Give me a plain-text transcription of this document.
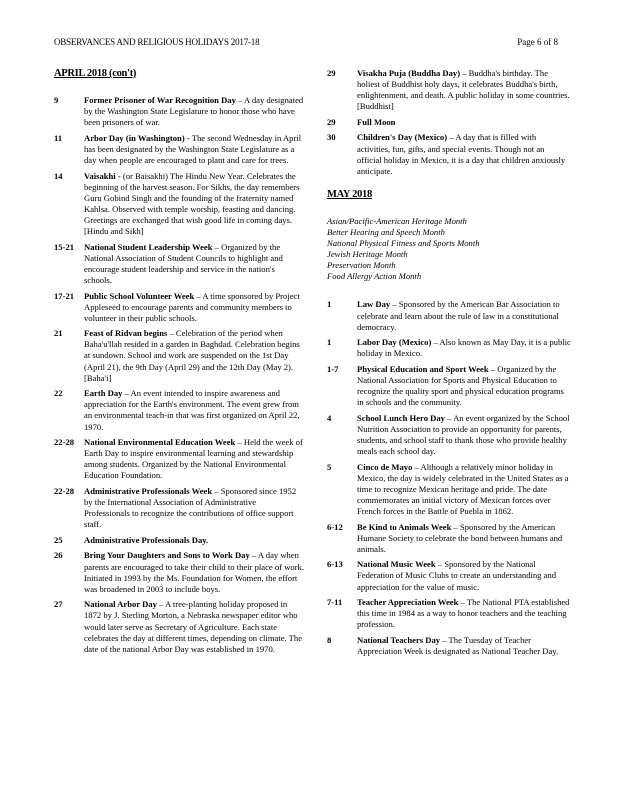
OBSERVANCES AND RELIGIOUS HOLIDAYS 2017-18	Page 6 of 8
APRIL 2018 (con't)
9	Former Prisoner of War Recognition Day – A day designated by the Washington State Legislature to honor those who have been prisoners of war.
11	Arbor Day (in Washington) - The second Wednesday in April has been designated by the Washington State Legislature as a day when people are encouraged to plant and care for trees.
14	Vaisakhi - (or Baisakhi) The Hindu New Year. Celebrates the beginning of the harvest season. For Sikhs, the day remembers Guru Gobind Singh and the founding of the fraternity named Kahlsa. Observed with temple worship, feasting and dancing. Greetings are exchanged that wish good life in coming days. [Hindu and Sikh]
15-21	National Student Leadership Week – Organized by the National Association of Student Councils to highlight and encourage student leadership and service in the nation's schools.
17-21	Public School Volunteer Week – A time sponsored by Project Appleseed to encourage parents and community members to volunteer in their public schools.
21	Feast of Ridvan begins – Celebration of the period when Baha'u'llah resided in a garden in Baghdad. Celebration begins at sundown. School and work are suspended on the 1st Day (April 21), the 9th Day (April 29) and the 12th Day (May 2). [Baha'i]
22	Earth Day – An event intended to inspire awareness and appreciation for the Earth's environment. The event grew from an environmental teach-in that was first organized on April 22, 1970.
22-28	National Environmental Education Week – Held the week of Earth Day to inspire environmental learning and stewardship among students. Organized by the National Environmental Education Foundation.
22-28	Administrative Professionals Week – Sponsored since 1952 by the International Association of Administrative Professionals to recognize the contributions of office support staff.
25	Administrative Professionals Day.
26	Bring Your Daughters and Sons to Work Day – A day when parents are encouraged to take their child to their place of work. Initiated in 1993 by the Ms. Foundation for Women, the effort was broadened in 2003 to include boys.
27	National Arbor Day – A tree-planting holiday proposed in 1872 by J. Sterling Morton, a Nebraska newspaper editor who would later serve as Secretary of Agriculture. Each state celebrates the day at different times, depending on climate. The date of the national Arbor Day was established in 1970.
29	Visakha Puja (Buddha Day) – Buddha's birthday. The holiest of Buddhist holy days, it celebrates Buddha's birth, enlightenment, and death. A public holiday in some countries. [Buddhist]
29	Full Moon
30	Children's Day (Mexico) – A day that is filled with activities, fun, gifts, and special events. Though not an official holiday in Mexico, it is a day that children anxiously anticipate.
MAY 2018
Asian/Pacific-American Heritage Month
Better Hearing and Speech Month
National Physical Fitness and Sports Month
Jewish Heritage Month
Preservation Month
Food Allergy Action Month
1	Law Day – Sponsored by the American Bar Association to celebrate and learn about the rule of law in a constitutional democracy.
1	Labor Day (Mexico) – Also known as May Day, it is a public holiday in Mexico.
1-7	Physical Education and Sport Week – Organized by the National Association for Sports and Physical Education to recognize the quality sport and physical education programs in schools and the community.
4	School Lunch Hero Day – An event organized by the School Nutrition Association to provide an opportunity for parents, students, and school staff to thank those who provide healthy meals each school day.
5	Cinco de Mayo – Although a relatively minor holiday in Mexico, the day is widely celebrated in the United States as a time to recognize Mexican heritage and pride. The date commemorates an initial victory of Mexican forces over French forces in the Battle of Puebla in 1862.
6-12	Be Kind to Animals Week – Sponsored by the American Humane Society to celebrate the bond between humans and animals.
6-13	National Music Week – Sponsored by the National Federation of Music Clubs to create an understanding and appreciation for the value of music.
7-11	Teacher Appreciation Week – The National PTA established this time in 1984 as a way to honor teachers and the teaching profession.
8	National Teachers Day – The Tuesday of Teacher Appreciation Week is designated as National Teacher Day.
